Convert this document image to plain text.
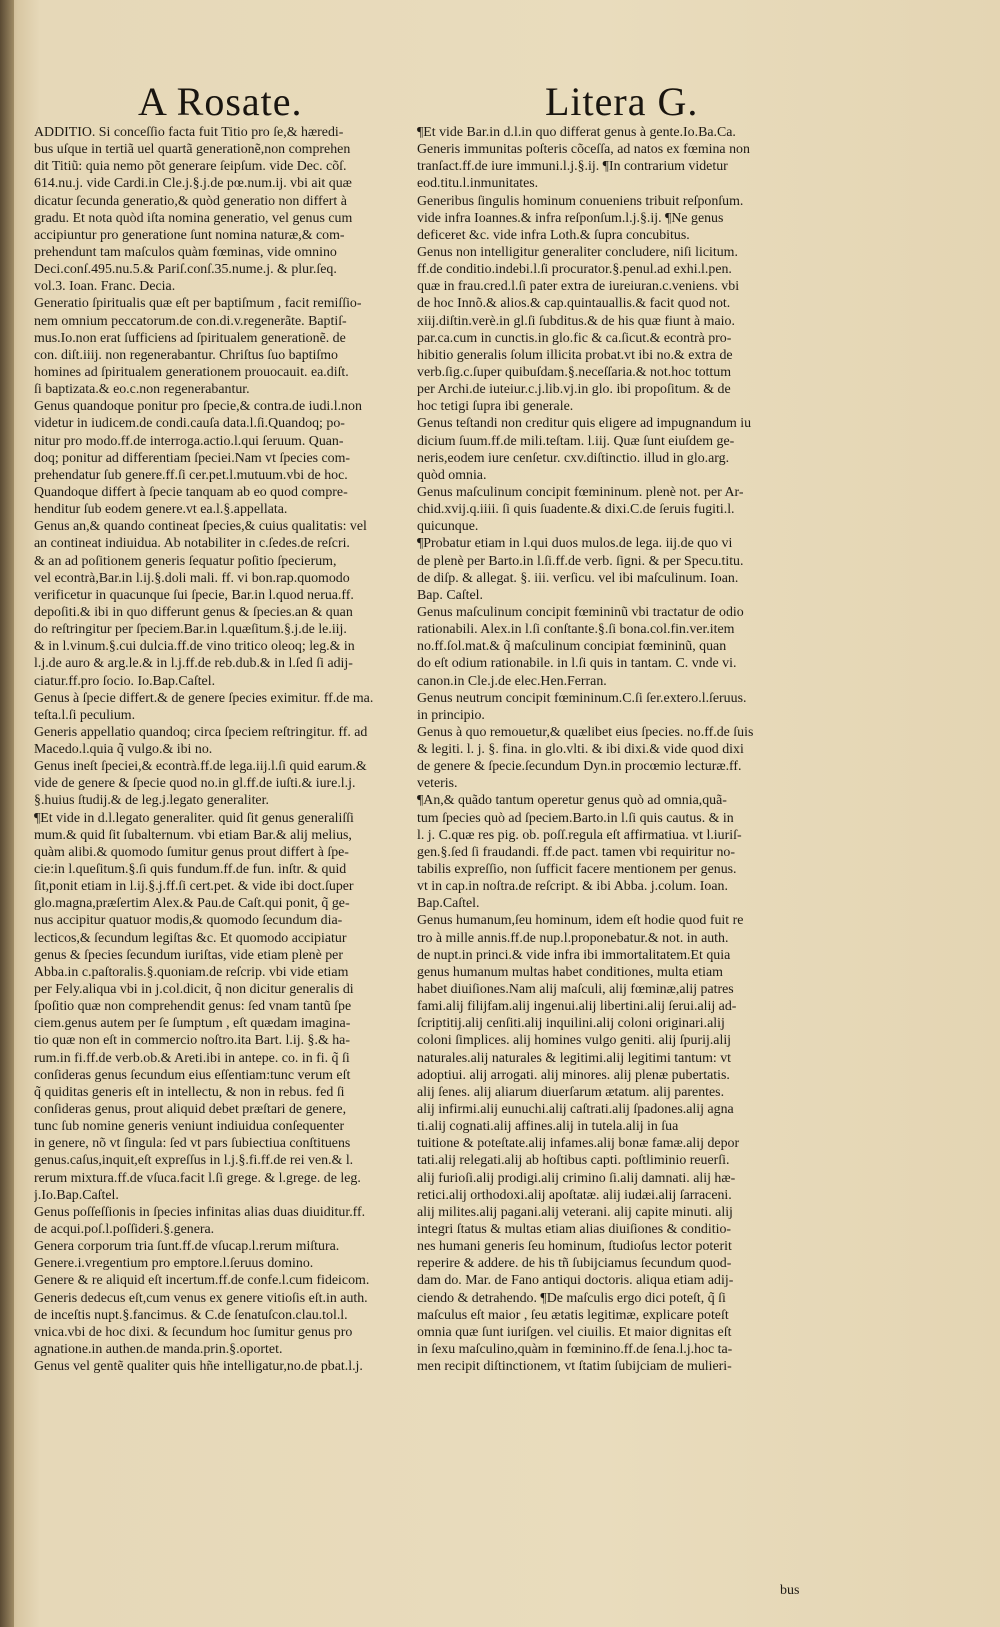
A Rosate.	Litera G.
ADDITIO. Si conceſſio facta fuit Titio pro ſe,& hæredi-
bus uſque in tertiã uel quartã generationẽ,non comprehen
dit Titiũ: quia nemo põt generare ſeipſum. vide Dec. cõſ.
614.nu.j. vide Cardi.in Cle.j.§.j.de pœ.num.ij. vbi ait quæ
dicatur ſecunda generatio,& quòd generatio non differt à
gradu. Et nota quòd iſta nomina generatio, vel genus cum
accipiuntur pro generatione ſunt nomina naturæ,& com-
prehendunt tam maſculos quàm fœminas, vide omnino
Deci.conſ.495.nu.5.& Pariſ.conſ.35.nume.j. & plur.ſeq.
vol.3. Ioan. Franc. Decia.
Generatio ſpiritualis quæ eſt per baptiſmum , facit remiſſio-
nem omnium peccatorum.de con.di.v.regenerãte. Baptiſ-
mus.Io.non erat ſufficiens ad ſpiritualem generationẽ. de
con. diſt.iiij. non regenerabantur. Chriſtus ſuo baptiſmo
homines ad ſpiritualem generationem prouocauit. ea.diſt.
ſi baptizata.& eo.c.non regenerabantur.
Genus quandoque ponitur pro ſpecie,& contra.de iudi.l.non
videtur in iudicem.de condi.cauſa data.l.ſi.Quandoq; po-
nitur pro modo.ff.de interroga.actio.l.qui ſeruum. Quan-
doq; ponitur ad differentiam ſpeciei.Nam vt ſpecies com-
prehendatur ſub genere.ff.ſi cer.pet.l.mutuum.vbi de hoc.
Quandoque differt à ſpecie tanquam ab eo quod compre-
henditur ſub eodem genere.vt ea.l.§.appellata.
Genus an,& quando contineat ſpecies,& cuius qualitatis: vel
an contineat indiuidua. Ab notabiliter in c.ſedes.de reſcri.
& an ad poſitionem generis ſequatur poſitio ſpecierum,
vel econtrà,Bar.in l.ij.§.doli mali. ff. vi bon.rap.quomodo
verificetur in quacunque ſui ſpecie, Bar.in l.quod nerua.ff.
depoſiti.& ibi in quo differunt genus & ſpecies.an & quan
do reſtringitur per ſpeciem.Bar.in l.quæſitum.§.j.de le.iij.
& in l.vinum.§.cui dulcia.ff.de vino tritico oleoq; leg.& in
l.j.de auro & arg.le.& in l.j.ff.de reb.dub.& in l.ſed ſi adij-
ciatur.ff.pro ſocio. Io.Bap.Caſtel.
Genus à ſpecie differt.& de genere ſpecies eximitur. ff.de ma.
teſta.l.ſi peculium.
Generis appellatio quandoq; circa ſpeciem reſtringitur. ff. ad
Macedo.l.quia q̃ vulgo.& ibi no.
Genus ineſt ſpeciei,& econtrà.ff.de lega.iij.l.ſi quid earum.&
vide de genere & ſpecie quod no.in gl.ff.de iuſti.& iure.l.j.
§.huius ſtudij.& de leg.j.legato generaliter.
¶Et vide in d.l.legato generaliter. quid ſit genus generaliſſi
mum.& quid ſit ſubalternum. vbi etiam Bar.& alij melius,
quàm alibi.& quomodo ſumitur genus prout differt à ſpe-
cie:in l.queſitum.§.ſi quis fundum.ff.de fun. inſtr. & quid
ſit,ponit etiam in l.ij.§.j.ff.ſi cert.pet. & vide ibi doct.ſuper
glo.magna,præſertim Alex.& Pau.de Caſt.qui ponit, q̃ ge-
nus accipitur quatuor modis,& quomodo ſecundum dia-
lecticos,& ſecundum legiſtas &c. Et quomodo accipiatur
genus & ſpecies ſecundum iuriſtas, vide etiam plenè per
Abba.in c.paſtoralis.§.quoniam.de reſcrip. vbi vide etiam
per Fely.aliqua vbi in j.col.dicit, q̃ non dicitur generalis di
ſpoſitio quæ non comprehendit genus: ſed vnam tantũ ſpe
ciem.genus autem per ſe ſumptum , eſt quædam imagina-
tio quæ non eſt in commercio noſtro.ita Bart. l.ij. §.& ha-
rum.in fi.ff.de verb.ob.& Areti.ibi in antepe. co. in fi. q̃ ſi
conſideras genus ſecundum eius eſſentiam:tunc verum eſt
q̃ quiditas generis eſt in intellectu, & non in rebus. fed ſi
conſideras genus, prout aliquid debet præſtari de genere,
tunc ſub nomine generis veniunt indiuidua conſequenter
in genere, nõ vt ſingula: ſed vt pars ſubiectiua conſtituens
genus.caſus,inquit,eſt expreſſus in l.j.§.fi.ff.de rei ven.& l.
rerum mixtura.ff.de vſuca.facit l.ſi grege. & l.grege. de leg.
j.Io.Bap.Caſtel.
Genus poſſeſſionis in ſpecies infinitas alias duas diuiditur.ff.
de acqui.poſ.l.poſſideri.§.genera.
Genera corporum tria ſunt.ff.de vſucap.l.rerum miſtura.
Genere.i.vregentium pro emptore.l.ſeruus domino.
Genere & re aliquid eſt incertum.ff.de confe.l.cum fideicom.
Generis dedecus eſt,cum venus ex genere vitioſis eſt.in auth.
de inceſtis nupt.§.fancimus. & C.de ſenatuſcon.clau.tol.l.
vnica.vbi de hoc dixi. & ſecundum hoc ſumitur genus pro
agnatione.in authen.de manda.prin.§.oportet.
Genus vel gentẽ qualiter quis hñe intelligatur,no.de pbat.l.j.
¶Et vide Bar.in d.l.in quo differat genus à gente.Io.Ba.Ca.
Generis immunitas poſteris cõceſſa, ad natos ex fœmina non
tranſact.ff.de iure immuni.l.j.§.ij. ¶In contrarium videtur
eod.titu.l.inmunitates.
Generibus ſingulis hominum conueniens tribuit reſponſum.
vide infra Ioannes.& infra reſponſum.l.j.§.ij. ¶Ne genus
deficeret &c. vide infra Loth.& ſupra concubitus.
Genus non intelligitur generaliter concludere, niſi licitum.
ff.de conditio.indebi.l.ſi procurator.§.penul.ad exhi.l.pen.
quæ in frau.cred.l.ſi pater extra de iureiuran.c.veniens. vbi
de hoc Innõ.& alios.& cap.quintauallis.& facit quod not.
xiij.diſtin.verè.in gl.ſi ſubditus.& de his quæ fiunt à maio.
par.ca.cum in cunctis.in glo.fic & ca.ſicut.& econtrà pro-
hibitio generalis ſolum illicita probat.vt ibi no.& extra de
verb.ſig.c.ſuper quibuſdam.§.neceſſaria.& not.hoc tottum
per Archi.de iuteiur.c.j.lib.vj.in glo. ibi propoſitum. & de
hoc tetigi ſupra ibi generale.
Genus teſtandi non creditur quis eligere ad impugnandum iu
dicium ſuum.ff.de mili.teſtam. l.iij. Quæ ſunt eiuſdem ge-
neris,eodem iure cenſetur. cxv.diſtinctio. illud in glo.arg.
quòd omnia.
Genus maſculinum concipit fœmininum. plenè not. per Ar-
chid.xvij.q.iiii. ſi quis ſuadente.& dixi.C.de ſeruis fugiti.l.
quicunque.
¶Probatur etiam in l.qui duos mulos.de lega. iij.de quo vi
de plenè per Barto.in l.ſi.ff.de verb. ſigni. & per Specu.titu.
de diſp. & allegat. §. iii. verſicu. vel ibi maſculinum. Ioan.
Bap. Caſtel.
Genus maſculinum concipit fœmininũ vbi tractatur de odio
rationabili. Alex.in l.ſi conſtante.§.ſi bona.col.fin.ver.item
no.ff.ſol.mat.& q̃ maſculinum concipiat fœmininũ, quan
do eſt odium rationabile. in l.ſi quis in tantam. C. vnde vi.
canon.in Cle.j.de elec.Hen.Ferran.
Genus neutrum concipit fœmininum.C.ſi ſer.extero.l.ſeruus.
in principio.
Genus à quo remouetur,& quælibet eius ſpecies. no.ff.de ſuis
& legiti. l. j. §. fina. in glo.vlti. & ibi dixi.& vide quod dixi
de genere & ſpecie.ſecundum Dyn.in procœmio lecturæ.ff.
veteris.
¶An,& quãdo tantum operetur genus quò ad omnia,quã-
tum ſpecies quò ad ſpeciem.Barto.in l.ſi quis cautus. & in
l. j. C.quæ res pig. ob. poſſ.regula eſt affirmatiua. vt l.iuriſ-
gen.§.ſed ſi fraudandi. ff.de pact. tamen vbi requiritur no-
tabilis expreſſio, non ſufficit facere mentionem per genus.
vt in cap.in noſtra.de reſcript. & ibi Abba. j.colum. Ioan.
Bap.Caſtel.
Genus humanum,ſeu hominum, idem eſt hodie quod fuit re
tro à mille annis.ff.de nup.l.proponebatur.& not. in auth.
de nupt.in princi.& vide infra ibi immortalitatem.Et quia
genus humanum multas habet conditiones, multa etiam
habet diuiſiones.Nam alij maſculi, alij fœminæ,alij patres
fami.alij filijfam.alij ingenui.alij libertini.alij ſerui.alij ad-
ſcriptitij.alij cenſiti.alij inquilini.alij coloni originari.alij
coloni ſimplices. alij homines vulgo geniti. alij ſpurij.alij
naturales.alij naturales & legitimi.alij legitimi tantum: vt
adoptiui. alij arrogati. alij minores. alij plenæ pubertatis.
alij ſenes. alij aliarum diuerſarum ætatum. alij parentes.
alij infirmi.alij eunuchi.alij caſtrati.alij ſpadones.alij agna
ti.alij cognati.alij affines.alij in tutela.alij in ſua
tuitione & poteſtate.alij infames.alij bonæ famæ.alij depor
tati.alij relegati.alij ab hoſtibus capti. poſtliminio reuerſi.
alij furioſi.alij prodigi.alij crimino ſi.alij damnati. alij hæ-
retici.alij orthodoxi.alij apoſtatæ. alij iudæi.alij ſarraceni.
alij milites.alij pagani.alij veterani. alij capite minuti. alij
integri ſtatus & multas etiam alias diuiſiones & conditio-
nes humani generis ſeu hominum, ſtudioſus lector poterit
reperire & addere. de his tñ ſubijciamus ſecundum quod-
dam do. Mar. de Fano antiqui doctoris. aliqua etiam adij-
ciendo & detrahendo. ¶De maſculis ergo dici poteſt, q̃ ſi
maſculus eſt maior , ſeu ætatis legitimæ, explicare poteſt
omnia quæ ſunt iuriſgen. vel ciuilis. Et maior dignitas eſt
in ſexu maſculino,quàm in fœminino.ff.de ſena.l.j.hoc ta-
men recipit diſtinctionem, vt ſtatim ſubijciam de mulieri-
bus
